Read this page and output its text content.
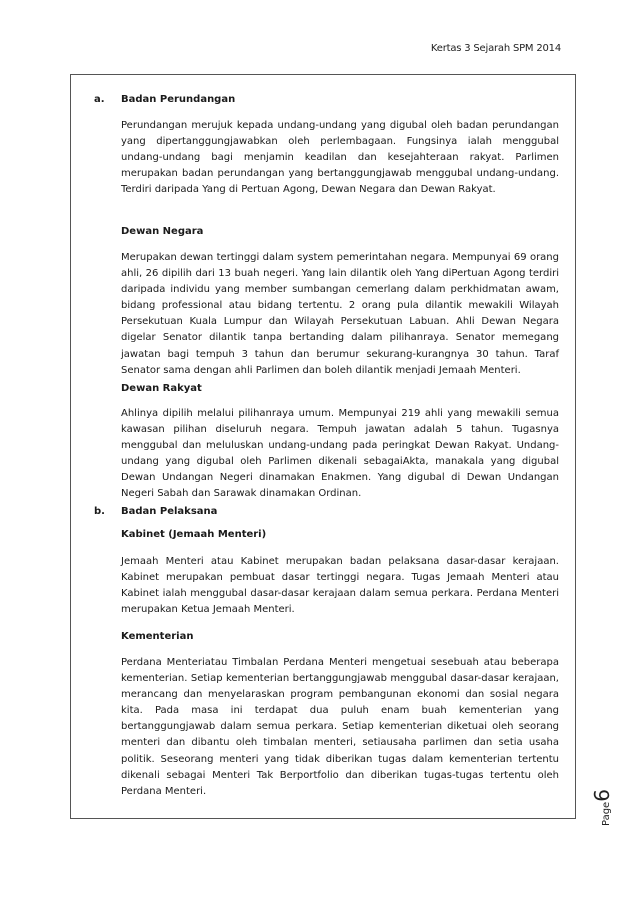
Kertas 3 Sejarah SPM 2014
a. Badan Perundangan

Perundangan merujuk kepada undang-undang yang digubal oleh badan perundangan yang dipertanggungjawabkan oleh perlembagaan. Fungsinya ialah menggubal undang-undang bagi menjamin keadilan dan kesejahteraan rakyat. Parlimen merupakan badan perundangan yang bertanggungjawab menggubal undang-undang. Terdiri daripada Yang di Pertuan Agong, Dewan Negara dan Dewan Rakyat.

Dewan Negara

Merupakan dewan tertinggi dalam system pemerintahan negara. Mempunyai 69 orang ahli, 26 dipilih dari 13 buah negeri. Yang lain dilantik oleh Yang diPertuan Agong terdiri daripada individu yang member sumbangan cemerlang dalam perkhidmatan awam, bidang professional atau bidang tertentu. 2 orang pula dilantik mewakili Wilayah Persekutuan Kuala Lumpur dan Wilayah Persekutuan Labuan. Ahli Dewan Negara digelar Senator dilantik tanpa bertanding dalam pilihanraya. Senator memegang jawatan bagi tempuh 3 tahun dan berumur sekurang-kurangnya 30 tahun. Taraf Senator sama dengan ahli Parlimen dan boleh dilantik menjadi Jemaah Menteri.

Dewan Rakyat

Ahlinya dipilih melalui pilihanraya umum. Mempunyai 219 ahli yang mewakili semua kawasan pilihan diseluruh negara. Tempuh jawatan adalah 5 tahun. Tugasnya menggubal dan meluluskan undang-undang pada peringkat Dewan Rakyat. Undang-undang yang digubal oleh Parlimen dikenali sebagaiAkta, manakala yang digubal Dewan Undangan Negeri dinamakan Enakmen. Yang digubal di Dewan Undangan Negeri Sabah dan Sarawak dinamakan Ordinan.

b. Badan Pelaksana
Kabinet (Jemaah Menteri)

Jemaah Menteri atau Kabinet merupakan badan pelaksana dasar-dasar kerajaan. Kabinet merupakan pembuat dasar tertinggi negara. Tugas Jemaah Menteri atau Kabinet ialah menggubal dasar-dasar kerajaan dalam semua perkara. Perdana Menteri merupakan Ketua Jemaah Menteri.

Kementerian

Perdana Menteriatau Timbalan Perdana Menteri mengetuai sesebuah atau beberapa kementerian. Setiap kementerian bertanggungjawab menggubal dasar-dasar kerajaan, merancang dan menyelaraskan program pembangunan ekonomi dan sosial negara kita. Pada masa ini terdapat dua puluh enam buah kementerian yang bertanggungjawab dalam semua perkara. Setiap kementerian diketuai oleh seorang menteri dan dibantu oleh timbalan menteri, setiausaha parlimen dan setia usaha politik. Seseorang menteri yang tidak diberikan tugas dalam kementerian tertentu dikenali sebagai Menteri Tak Berportfolio dan diberikan tugas-tugas tertentu oleh Perdana Menteri.

Page6
